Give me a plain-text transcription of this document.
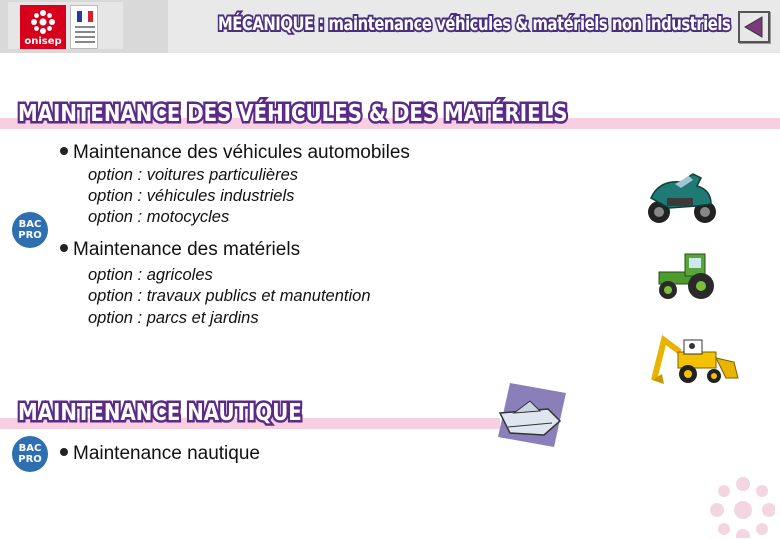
onisep
MÉCANIQUE : maintenance véhicules & matériels non industriels
MAINTENANCE DES VÉHICULES & DES MATÉRIELS
BAC
PRO
Maintenance des véhicules automobiles
option : voitures particulières
option : véhicules industriels
option : motocycles
Maintenance des matériels
option : agricoles
option : travaux publics et manutention
option : parcs et jardins
MAINTENANCE NAUTIQUE
BAC
PRO	Maintenance nautique
